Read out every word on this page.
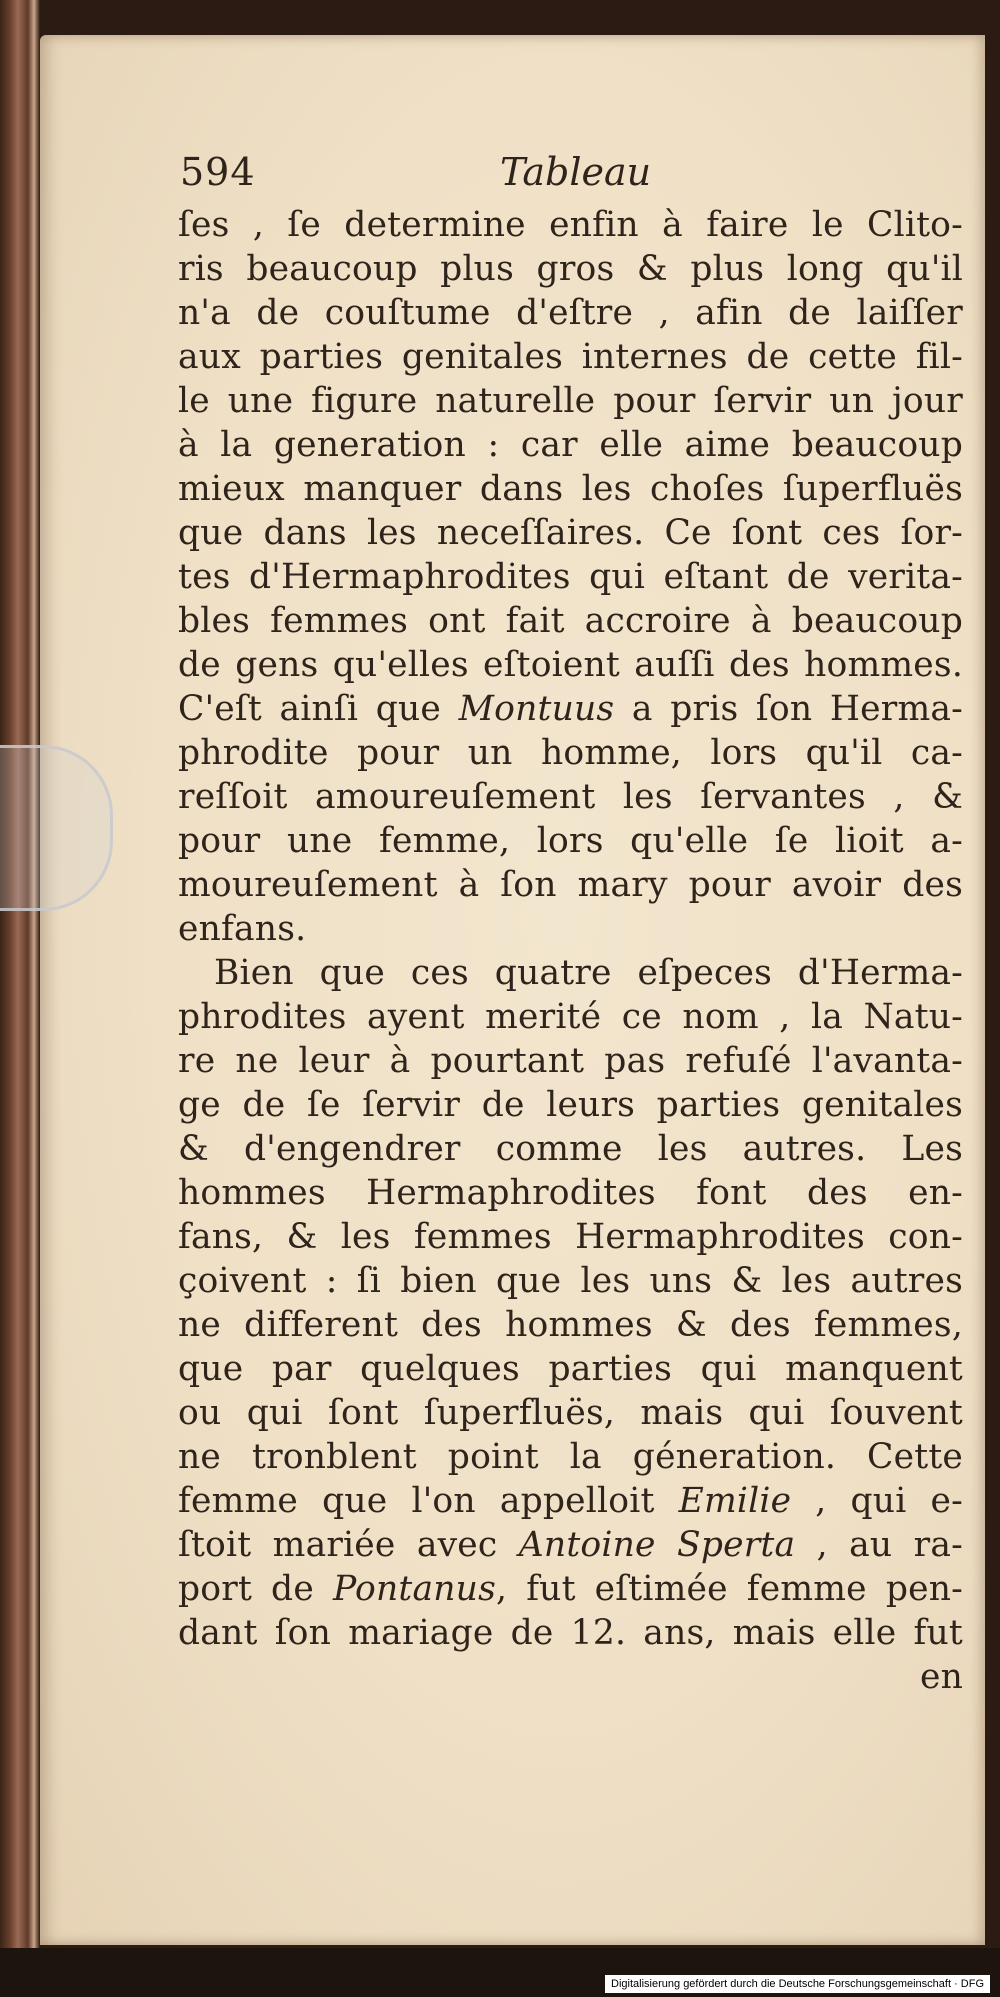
594	Tableau
ſes , ſe determine enfin à faire le Clito-
ris beaucoup plus gros & plus long qu'il
n'a de couſtume d'eſtre , afin de laiſſer
aux parties genitales internes de cette fil-
le une figure naturelle pour ſervir un jour
à la generation : car elle aime beaucoup
mieux manquer dans les choſes ſuperfluës
que dans les neceſſaires. Ce ſont ces ſor-
tes d'Hermaphrodites qui eſtant de verita-
bles femmes ont fait accroire à beaucoup
de gens qu'elles eſtoient auſſi des hommes.
C'eſt ainſi que Montuus a pris ſon Herma-
phrodite pour un homme, lors qu'il ca-
reſſoit amoureuſement les ſervantes , &
pour une femme, lors qu'elle ſe lioit a-
moureuſement à ſon mary pour avoir des
enfans.
Bien que ces quatre eſpeces d'Herma-
phrodites ayent merité ce nom , la Natu-
re ne leur à pourtant pas refuſé l'avanta-
ge de ſe ſervir de leurs parties genitales
& d'engendrer comme les autres. Les
hommes Hermaphrodites font des en-
fans, & les femmes Hermaphrodites con-
çoivent : ſi bien que les uns & les autres
ne different des hommes & des femmes,
que par quelques parties qui manquent
ou qui ſont ſuperfluës, mais qui ſouvent
ne tronblent point la géneration. Cette
femme que l'on appelloit Emilie , qui e-
ſtoit mariée avec Antoine Sperta , au ra-
port de Pontanus, fut eſtimée femme pen-
dant ſon mariage de 12. ans, mais elle fut
en
Digitalisierung gefördert durch die Deutsche Forschungsgemeinschaft · DFG
